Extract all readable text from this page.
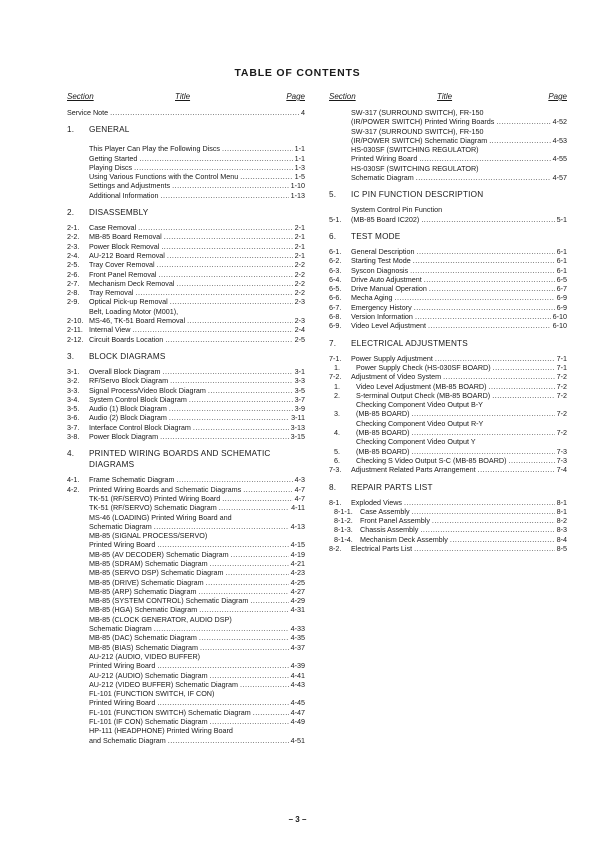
TABLE OF CONTENTS
Section	Title	Page
Service Note .....	4
1.	GENERAL
This Player Can Play the Following Discs .....	1-1
Getting Started .....	1-1
Playing Discs .....	1-3
Using Various Functions with the Control Menu .....	1-5
Settings and Adjustments .....	1-10
Additional Information .....	1-13
2.	DISASSEMBLY
2-1.	Case Removal .....	2-1
2-2.	MB-85 Board Removal .....	2-1
2-3.	Power Block Removal .....	2-1
2-4.	AU-212 Board Removal .....	2-1
2-5.	Tray Cover Removal .....	2-2
2-6.	Front Panel Removal .....	2-2
2-7.	Mechanism Deck Removal .....	2-2
2-8.	Tray Removal .....	2-2
2-9.	Optical Pick-up Removal .....	2-3
2-10.
Belt, Loading Motor (M001),
MS-46, TK-51 Board Removal .....	2-3
2-11. Internal View .....	2-4
2-12. Circuit Boards Location .....	2-5
3.	BLOCK DIAGRAMS
3-1.	Overall Block Diagram .....	3-1
3-2.	RF/Servo Block Diagram .....	3-3
3-3.	Signal Process/Video Block Diagram .....	3-5
3-4.	System Control Block Diagram .....	3-7
3-5.	Audio (1) Block Diagram .....	3-9
3-6.	Audio (2) Block Diagram .....	3-11
3-7.	Interface Control Block Diagram .....	3-13
3-8.	Power Block Diagram .....	3-15
4.	PRINTED WIRING BOARDS AND SCHEMATIC
DIAGRAMS
4-1.	Frame Schematic Diagram .....	4-3
4-2.	Printed Wiring Boards and Schematic Diagrams .....	4-7
TK-51 (RF/SERVO) Printed Wiring Board .....	4-7
TK-51 (RF/SERVO) Schematic Diagram .....	4-11
MS-46 (LOADING) Printed Wiring Board and
Schematic Diagram .....	4-13
MB-85 (SIGNAL PROCESS/SERVO)
Printed Wiring Board .....	4-15
MB-85 (AV DECODER) Schematic Diagram .....	4-19
MB-85 (SDRAM) Schematic Diagram .....	4-21
MB-85 (SERVO DSP) Schematic Diagram .....	4-23
MB-85 (DRIVE) Schematic Diagram .....	4-25
MB-85 (ARP) Schematic Diagram .....	4-27
MB-85 (SYSTEM CONTROL) Schematic Diagram .....	4-29
MB-85 (HGA) Schematic Diagram .....	4-31
MB-85 (CLOCK GENERATOR, AUDIO DSP)
Schematic Diagram .....	4-33
MB-85 (DAC) Schematic Diagram .....	4-35
MB-85 (BIAS) Schematic Diagram .....	4-37
AU-212 (AUDIO, VIDEO BUFFER)
Printed Wiring Board .....	4-39
AU-212 (AUDIO) Schematic Diagram .....	4-41
AU-212 (VIDEO BUFFER) Schematic Diagram .....	4-43
FL-101 (FUNCTION SWITCH, IF CON)
Printed Wiring Board .....	4-45
FL-101 (FUNCTION SWITCH) Schematic Diagram .....	4-47
FL-101 (IF CON) Schematic Diagram .....	4-49
HP-111 (HEADPHONE) Printed Wiring Board
and Schematic Diagram .....	4-51
Section	Title	Page
SW-317 (SURROUND SWITCH), FR-150
(IR/POWER SWITCH) Printed Wiring Boards .....	4-52
SW-317 (SURROUND SWITCH), FR-150
(IR/POWER SWITCH) Schematic Diagram .....	4-53
HS-030SF (SWITCHING REGULATOR)
Printed Wiring Board .....	4-55
HS-030SF (SWITCHING REGULATOR)
Schematic Diagram .....	4-57
5.	IC PIN FUNCTION DESCRIPTION
5-1.
System Control Pin Function
(MB-85 Board IC202) .....	5-1
6.	TEST MODE
6-1.	General Description .....	6-1
6-2.	Starting Test Mode .....	6-1
6-3.	Syscon Diagnosis .....	6-1
6-4.	Drive Auto Adjustment .....	6-5
6-5.	Drive Manual Operation .....	6-7
6-6.	Mecha Aging .....	6-9
6-7.	Emergency History .....	6-9
6-8.	Version Information .....	6-10
6-9.	Video Level Adjustment .....	6-10
7.	ELECTRICAL ADJUSTMENTS
7-1.	Power Supply Adjustment .....	7-1
1.	Power Supply Check (HS-030SF BOARD) .....	7-1
7-2.	Adjustment of Video System .....	7-2
1.	Video Level Adjustment (MB-85 BOARD) .....	7-2
2.	S-terminal Output Check (MB-85 BOARD) .....	7-2
3.
Checking Component Video Output B-Y
(MB-85 BOARD) .....	7-2
4.
Checking Component Video Output R-Y
(MB-85 BOARD) .....	7-2
5.
Checking Component Video Output Y
(MB-85 BOARD) .....	7-3
6.	Checking S Video Output S-C (MB-85 BOARD) .....	7-3
7-3.	Adjustment Related Parts Arrangement .....	7-4
8.	REPAIR PARTS LIST
8-1.	Exploded Views .....	8-1
8-1-1.	Case Assembly .....	8-1
8-1-2.	Front Panel Assembly .....	8-2
8-1-3.	Chassis Assembly .....	8-3
8-1-4.	Mechanism Deck Assembly .....	8-4
8-2.	Electrical Parts List .....	8-5
– 3 –
